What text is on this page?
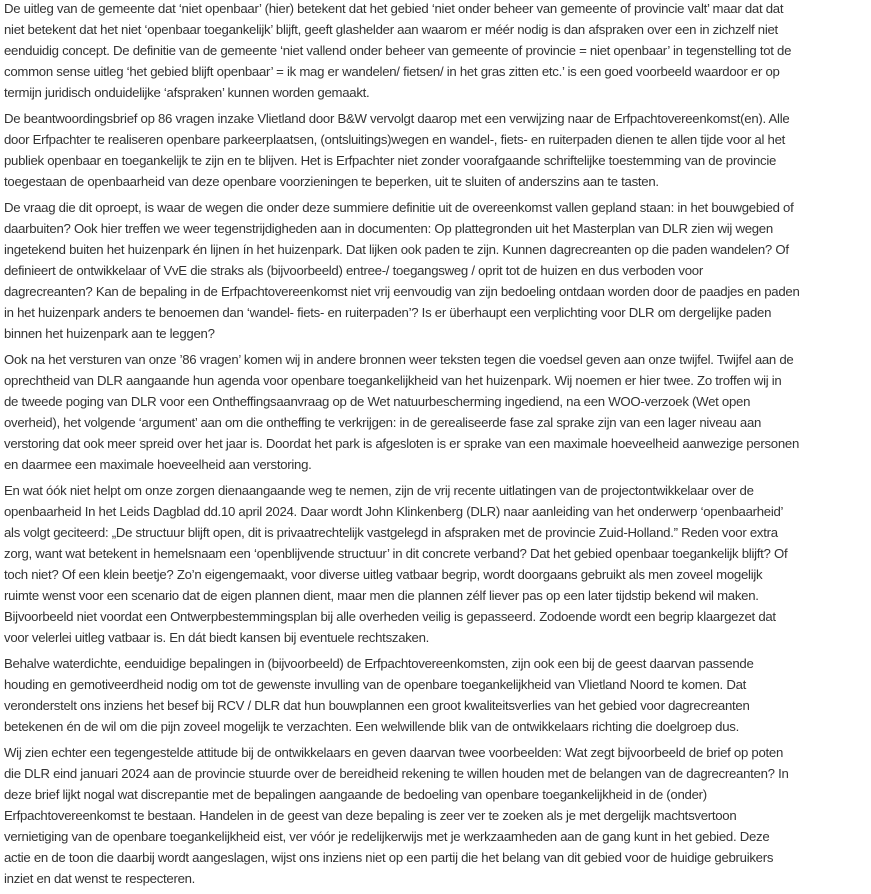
De uitleg van de gemeente dat ‘niet openbaar’ (hier) betekent dat het gebied ‘niet onder beheer van gemeente of provincie valt’ maar dat dat
niet betekent dat het niet ‘openbaar toegankelijk’ blijft, geeft glashelder aan waarom er méér nodig is dan afspraken over een in zichzelf niet
eenduidig concept. De definitie van de gemeente ‘niet vallend onder beheer van gemeente of provincie = niet openbaar’ in tegenstelling tot de
common sense uitleg ‘het gebied blijft openbaar’ = ik mag er wandelen/ fietsen/ in het gras zitten etc.’ is een goed voorbeeld waardoor er op
termijn juridisch onduidelijke ‘afspraken’ kunnen worden gemaakt.

De beantwoordingsbrief op 86 vragen inzake Vlietland door B&W vervolgt daarop met een verwijzing naar de Erfpachtovereenkomst(en). Alle
door Erfpachter te realiseren openbare parkeerplaatsen, (ontsluitings)wegen en wandel-, fiets- en ruiterpaden dienen te allen tijde voor al het
publiek openbaar en toegankelijk te zijn en te blijven. Het is Erfpachter niet zonder voorafgaande schriftelijke toestemming van de provincie
toegestaan de openbaarheid van deze openbare voorzieningen te beperken, uit te sluiten of anderszins aan te tasten.

De vraag die dit oproept, is waar de wegen die onder deze summiere definitie uit de overeenkomst vallen gepland staan: in het bouwgebied of
daarbuiten? Ook hier treffen we weer tegenstrijdigheden aan in documenten: Op plattegronden uit het Masterplan van DLR zien wij wegen
ingetekend buiten het huizenpark én lijnen ín het huizenpark. Dat lijken ook paden te zijn. Kunnen dagrecreanten op die paden wandelen? Of
definieert de ontwikkelaar of VvE die straks als (bijvoorbeeld) entree-/ toegangsweg / oprit tot de huizen en dus verboden voor
dagrecreanten? Kan de bepaling in de Erfpachtovereenkomst niet vrij eenvoudig van zijn bedoeling ontdaan worden door de paadjes en paden
in het huizenpark anders te benoemen dan ‘wandel- fiets- en ruiterpaden’? Is er überhaupt een verplichting voor DLR om dergelijke paden
binnen het huizenpark aan te leggen?

Ook na het versturen van onze ’86 vragen’ komen wij in andere bronnen weer teksten tegen die voedsel geven aan onze twijfel. Twijfel aan de
oprechtheid van DLR aangaande hun agenda voor openbare toegankelijkheid van het huizenpark. Wij noemen er hier twee. Zo troffen wij in
de tweede poging van DLR voor een Ontheffingsaanvraag op de Wet natuurbescherming ingediend, na een WOO-verzoek (Wet open
overheid), het volgende ‘argument’ aan om die ontheffing te verkrijgen: in de gerealiseerde fase zal sprake zijn van een lager niveau aan
verstoring dat ook meer spreid over het jaar is. Doordat het park is afgesloten is er sprake van een maximale hoeveelheid aanwezige personen
en daarmee een maximale hoeveelheid aan verstoring.

En wat óók niet helpt om onze zorgen dienaangaande weg te nemen, zijn de vrij recente uitlatingen van de projectontwikkelaar over de
openbaarheid In het Leids Dagblad dd.10 april 2024. Daar wordt John Klinkenberg (DLR) naar aanleiding van het onderwerp ‘openbaarheid’
als volgt geciteerd: „De structuur blijft open, dit is privaatrechtelijk vastgelegd in afspraken met de provincie Zuid-Holland.” Reden voor extra
zorg, want wat betekent in hemelsnaam een ‘openblijvende structuur’ in dit concrete verband? Dat het gebied openbaar toegankelijk blijft? Of
toch niet? Of een klein beetje? Zo’n eigengemaakt, voor diverse uitleg vatbaar begrip, wordt doorgaans gebruikt als men zoveel mogelijk
ruimte wenst voor een scenario dat de eigen plannen dient, maar men die plannen zélf liever pas op een later tijdstip bekend wil maken.
Bijvoorbeeld niet voordat een Ontwerpbestemmingsplan bij alle overheden veilig is gepasseerd. Zodoende wordt een begrip klaargezet dat
voor velerlei uitleg vatbaar is. En dát biedt kansen bij eventuele rechtszaken.

Behalve waterdichte, eenduidige bepalingen in (bijvoorbeeld) de Erfpachtovereenkomsten, zijn ook een bij de geest daarvan passende
houding en gemotiveerdheid nodig om tot de gewenste invulling van de openbare toegankelijkheid van Vlietland Noord te komen. Dat
veronderstelt ons inziens het besef bij RCV / DLR dat hun bouwplannen een groot kwaliteitsverlies van het gebied voor dagrecreanten
betekenen én de wil om die pijn zoveel mogelijk te verzachten. Een welwillende blik van de ontwikkelaars richting die doelgroep dus.

Wij zien echter een tegengestelde attitude bij de ontwikkelaars en geven daarvan twee voorbeelden: Wat zegt bijvoorbeeld de brief op poten
die DLR eind januari 2024 aan de provincie stuurde over de bereidheid rekening te willen houden met de belangen van de dagrecreanten? In
deze brief lijkt nogal wat discrepantie met de bepalingen aangaande de bedoeling van openbare toegankelijkheid in de (onder)
Erfpachtovereenkomst te bestaan. Handelen in de geest van deze bepaling is zeer ver te zoeken als je met dergelijk machtsvertoon
vernietiging van de openbare toegankelijkheid eist, ver vóór je redelijkerwijs met je werkzaamheden aan de gang kunt in het gebied. Deze
actie en de toon die daarbij wordt aangeslagen, wijst ons inziens niet op een partij die het belang van dit gebied voor de huidige gebruikers
inziet en dat wenst te respecteren.
